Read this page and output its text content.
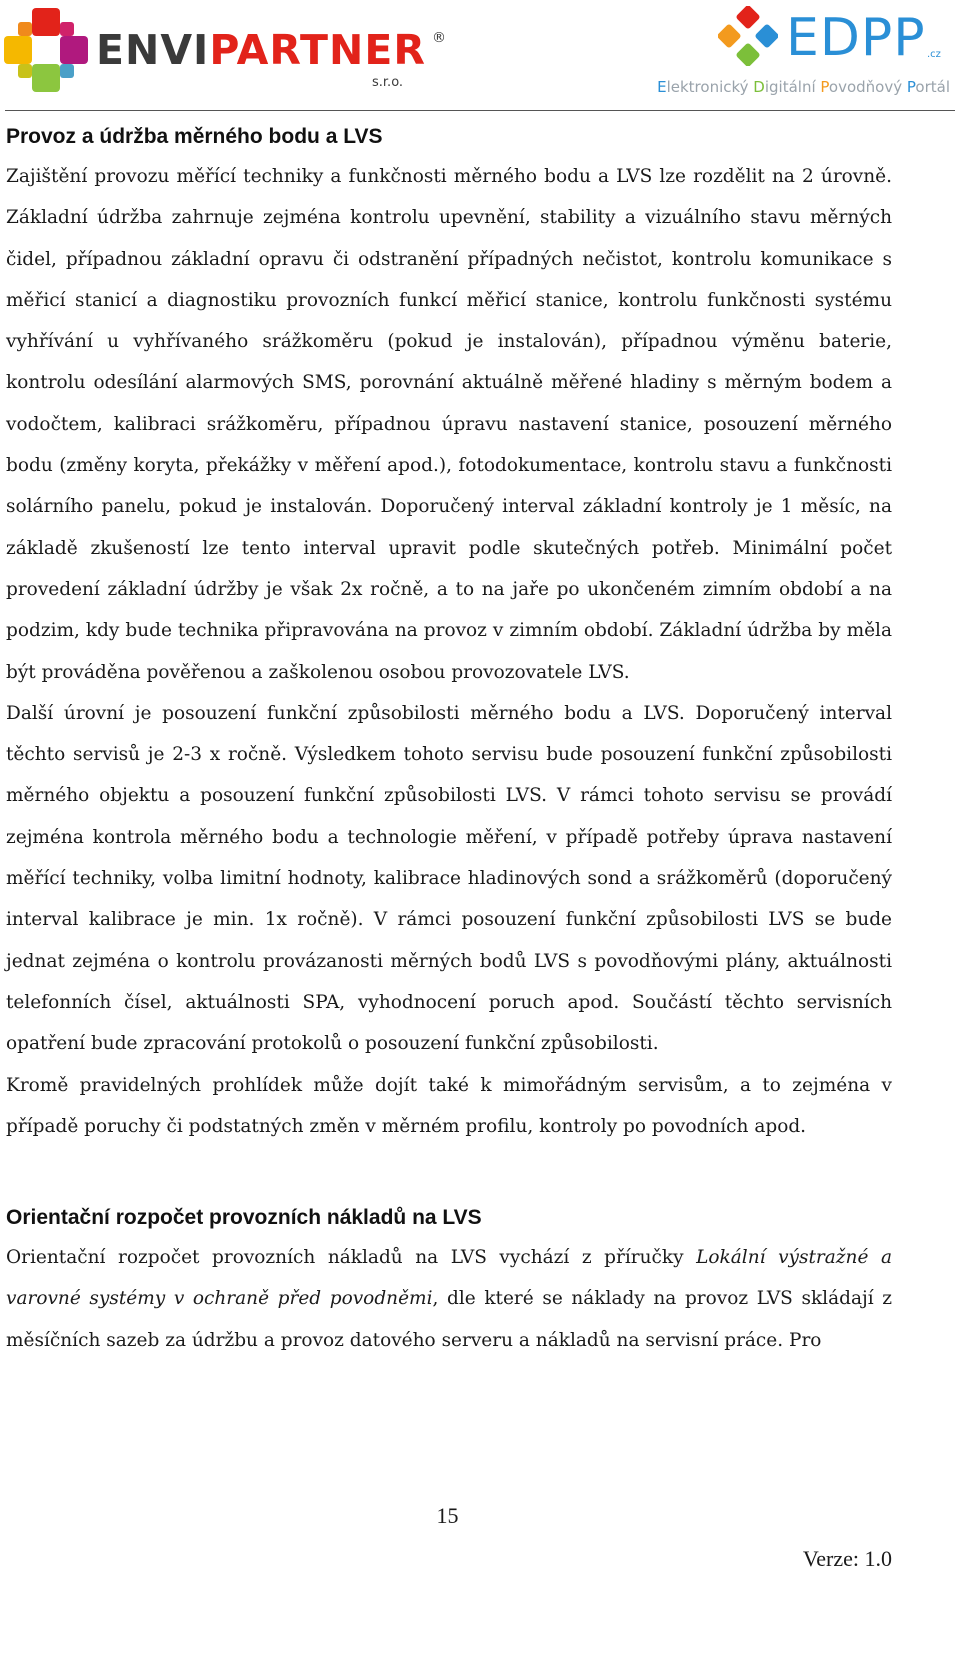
ENVIPARTNER ®
s.r.o.
EDPP .cz
Elektronický Digitální Povodňový Portál
Provoz a údržba měrného bodu a LVS

Zajištění provozu měřící techniky a funkčnosti měrného bodu a LVS lze rozdělit na 2 úrovně. Základní údržba zahrnuje zejména kontrolu upevnění, stability a vizuálního stavu měrných čidel, případnou základní opravu či odstranění případných nečistot, kontrolu komunikace s měřicí stanicí a diagnostiku provozních funkcí měřicí stanice, kontrolu funkčnosti systému vyhřívání u vyhřívaného srážkoměru (pokud je instalován), případnou výměnu baterie, kontrolu odesílání alarmových SMS, porovnání aktuálně měřené hladiny s měrným bodem a vodočtem, kalibraci srážkoměru, případnou úpravu nastavení stanice, posouzení měrného bodu (změny koryta, překážky v měření apod.), fotodokumentace, kontrolu stavu a funkčnosti solárního panelu, pokud je instalován. Doporučený interval základní kontroly je 1 měsíc, na základě zkušeností lze tento interval upravit podle skutečných potřeb. Minimální počet provedení základní údržby je však 2x ročně, a to na jaře po ukončeném zimním období a na podzim, kdy bude technika připravována na provoz v zimním období. Základní údržba by měla být prováděna pověřenou a zaškolenou osobou provozovatele LVS.

Další úrovní je posouzení funkční způsobilosti měrného bodu a LVS. Doporučený interval těchto servisů je 2-3 x ročně. Výsledkem tohoto servisu bude posouzení funkční způsobilosti měrného objektu a posouzení funkční způsobilosti LVS. V rámci tohoto servisu se provádí zejména kontrola měrného bodu a technologie měření, v případě potřeby úprava nastavení měřící techniky, volba limitní hodnoty, kalibrace hladinových sond a srážkoměrů (doporučený interval kalibrace je min. 1x ročně). V rámci posouzení funkční způsobilosti LVS se bude jednat zejména o kontrolu provázanosti měrných bodů LVS s povodňovými plány, aktuálnosti telefonních čísel, aktuálnosti SPA, vyhodnocení poruch apod. Součástí těchto servisních opatření bude zpracování protokolů o posouzení funkční způsobilosti.

Kromě pravidelných prohlídek může dojít také k mimořádným servisům, a to zejména v případě poruchy či podstatných změn v měrném profilu, kontroly po povodních apod.

Orientační rozpočet provozních nákladů na LVS

Orientační rozpočet provozních nákladů na LVS vychází z příručky Lokální výstražné a varovné systémy v ochraně před povodněmi, dle které se náklady na provoz LVS skládají z měsíčních sazeb za údržbu a provoz datového serveru a nákladů na servisní práce. Pro

15
Verze: 1.0
